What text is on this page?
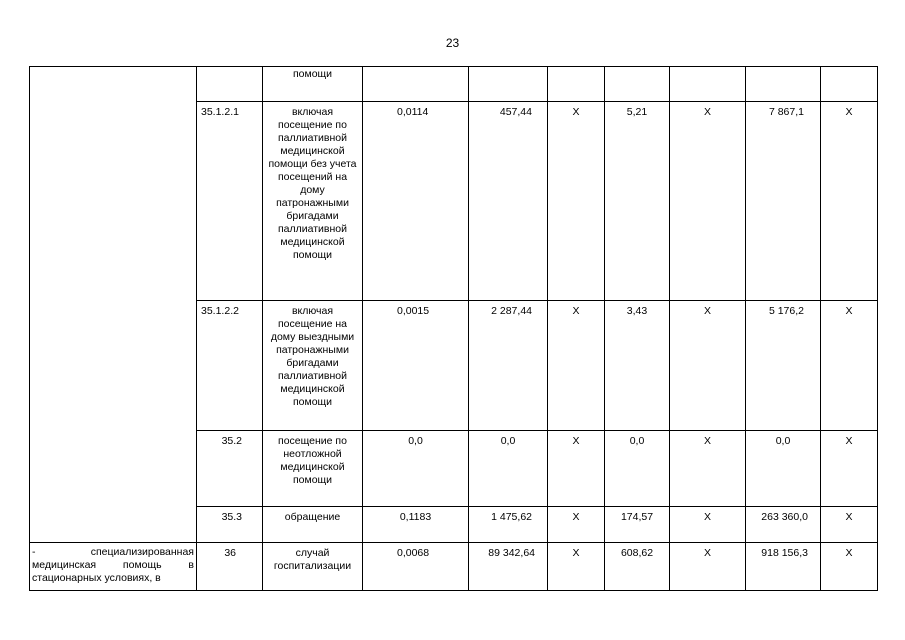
23
		помощи							
	35.1.2.1	включая посещение по паллиативной медицинской помощи без учета посещений на дому патронажными бригадами паллиативной медицинской помощи	0,0114	457,44	X	5,21	X	7 867,1	X
	35.1.2.2	включая посещение на дому выездными патронажными бригадами паллиативной медицинской помощи	0,0015	2 287,44	X	3,43	X	5 176,2	X
	35.2	посещение по неотложной медицинской помощи	0,0	0,0	X	0,0	X	0,0	X
	35.3	обращение	0,1183	1 475,62	X	174,57	X	263 360,0	X

- специализированная
медицинская помощь в
стационарных условиях, в	36	случай госпитализации	0,0068	89 342,64	X	608,62	X	918 156,3	X
